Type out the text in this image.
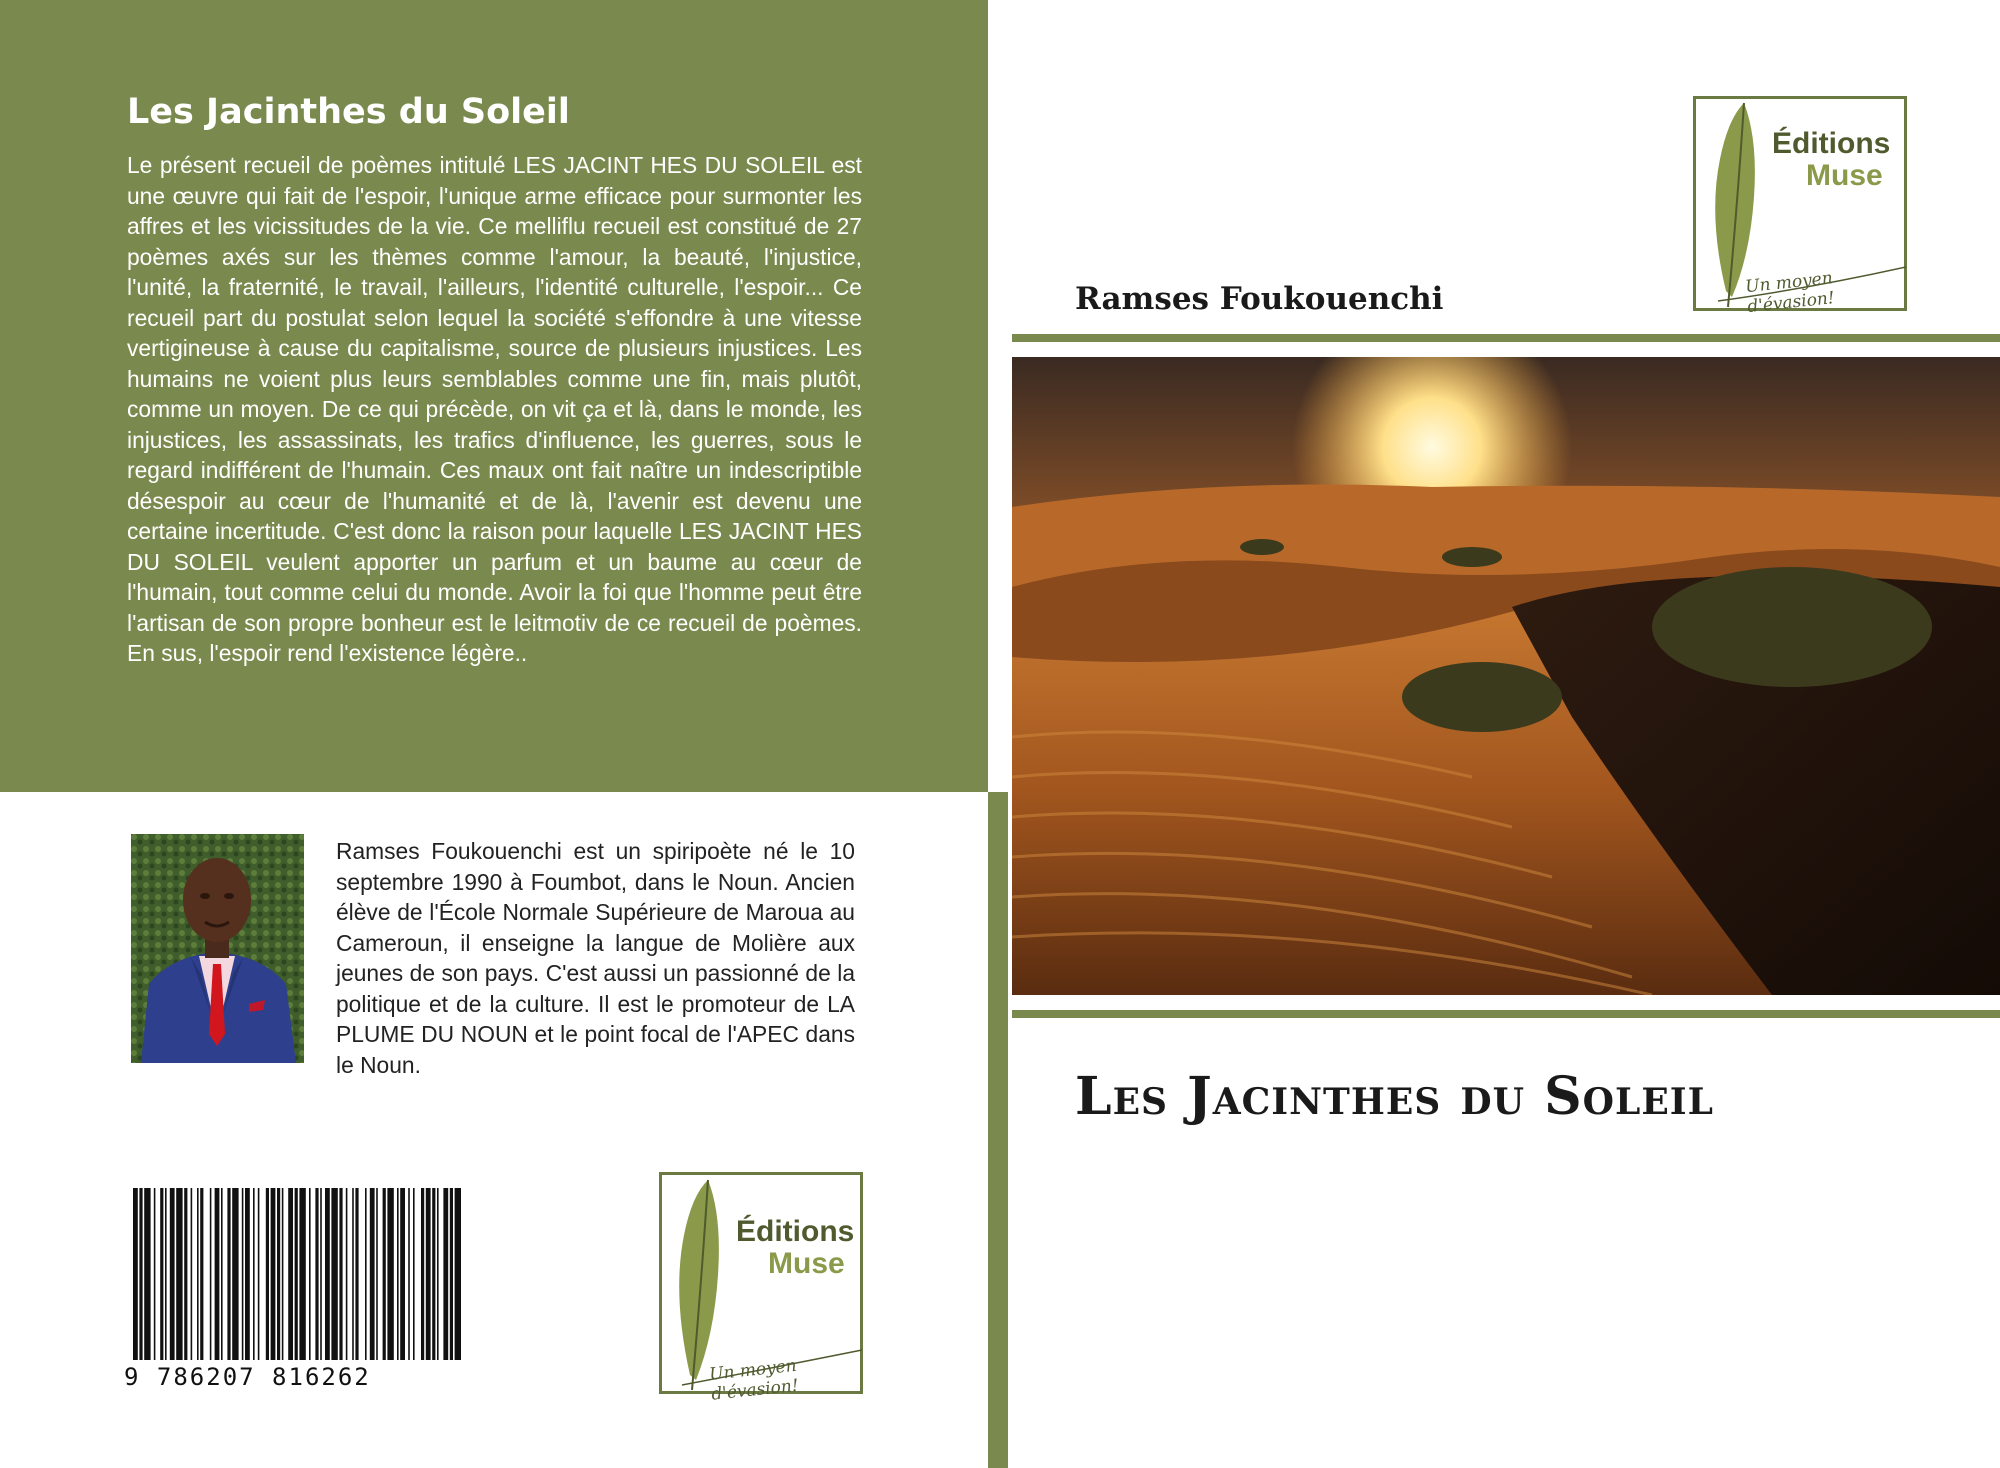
Les Jacinthes du Soleil

Le présent recueil de poèmes intitulé LES JACINT HES DU SOLEIL est une œuvre qui fait de l'espoir, l'unique arme efficace pour surmonter les affres et les vicissitudes de la vie. Ce melliflu recueil est constitué de 27 poèmes axés sur les thèmes comme l'amour, la beauté, l'injustice, l'unité, la fraternité, le travail, l'ailleurs, l'identité culturelle, l'espoir... Ce recueil part du postulat selon lequel la société s'effondre à une vitesse vertigineuse à cause du capitalisme, source de plusieurs injustices. Les humains ne voient plus leurs semblables comme une fin, mais plutôt, comme un moyen. De ce qui précède, on vit ça et là, dans le monde, les injustices, les assassinats, les trafics d'influence, les guerres, sous le regard indifférent de l'humain. Ces maux ont fait naître un indescriptible désespoir au cœur de l'humanité et de là, l'avenir est devenu une certaine incertitude. C'est donc la raison pour laquelle LES JACINT HES DU SOLEIL veulent apporter un parfum et un baume au cœur de l'humain, tout comme celui du monde. Avoir la foi que l'homme peut être l'artisan de son propre bonheur est le leitmotiv de ce recueil de poèmes. En sus, l'espoir rend l'existence légère..

Ramses Foukouenchi est un spiripoète né le 10 septembre 1990 à Foumbot, dans le Noun. Ancien élève de l'École Normale Supérieure de Maroua au Cameroun, il enseigne la langue de Molière aux jeunes de son pays. C'est aussi un passionné de la politique et de la culture. Il est le promoteur de LA PLUME DU NOUN et le point focal de l'APEC dans le Noun.

9 786207 816262
Éditions
Muse
Un moyen d'évasion!
Éditions
Muse
Un moyen d'évasion!
Ramses Foukouenchi
Les Jacinthes du Soleil
